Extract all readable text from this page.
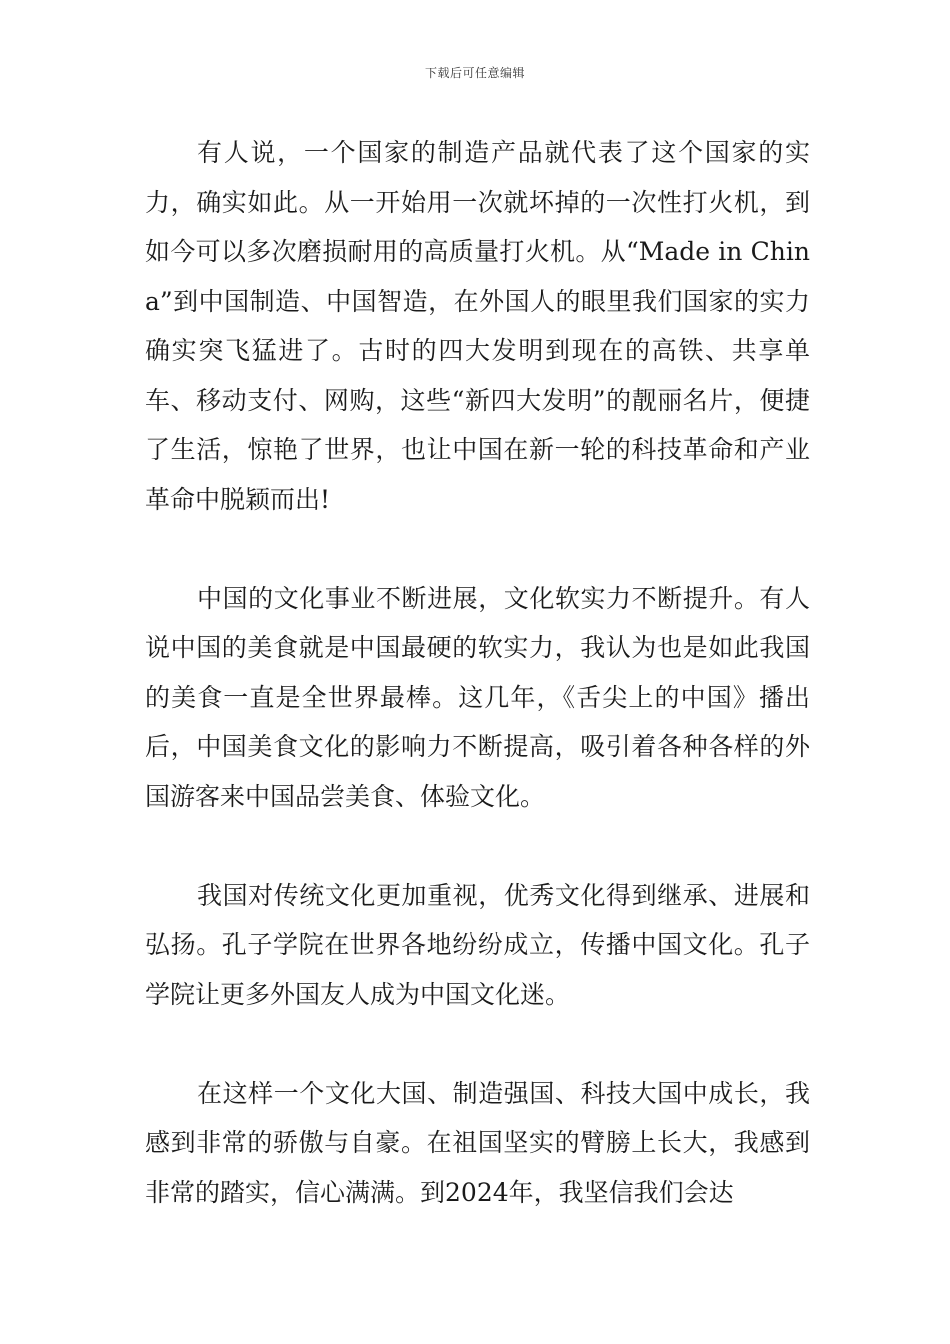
下载后可任意编辑

有人说，一个国家的制造产品就代表了这个国家的实力，确实如此。从一开始用一次就坏掉的一次性打火机，到如今可以多次磨损耐用的高质量打火机。从“Made in China”到中国制造、中国智造，在外国人的眼里我们国家的实力确实突飞猛进了。古时的四大发明到现在的高铁、共享单车、移动支付、网购，这些“新四大发明”的靓丽名片，便捷了生活，惊艳了世界，也让中国在新一轮的科技革命和产业革命中脱颖而出!

中国的文化事业不断进展，文化软实力不断提升。有人说中国的美食就是中国最硬的软实力，我认为也是如此我国的美食一直是全世界最棒。这几年，《舌尖上的中国》播出后，中国美食文化的影响力不断提高，吸引着各种各样的外国游客来中国品尝美食、体验文化。

我国对传统文化更加重视，优秀文化得到继承、进展和弘扬。孔子学院在世界各地纷纷成立，传播中国文化。孔子学院让更多外国友人成为中国文化迷。

在这样一个文化大国、制造强国、科技大国中成长，我感到非常的骄傲与自豪。在祖国坚实的臂膀上长大，我感到非常的踏实，信心满满。到2024年，我坚信我们会达
